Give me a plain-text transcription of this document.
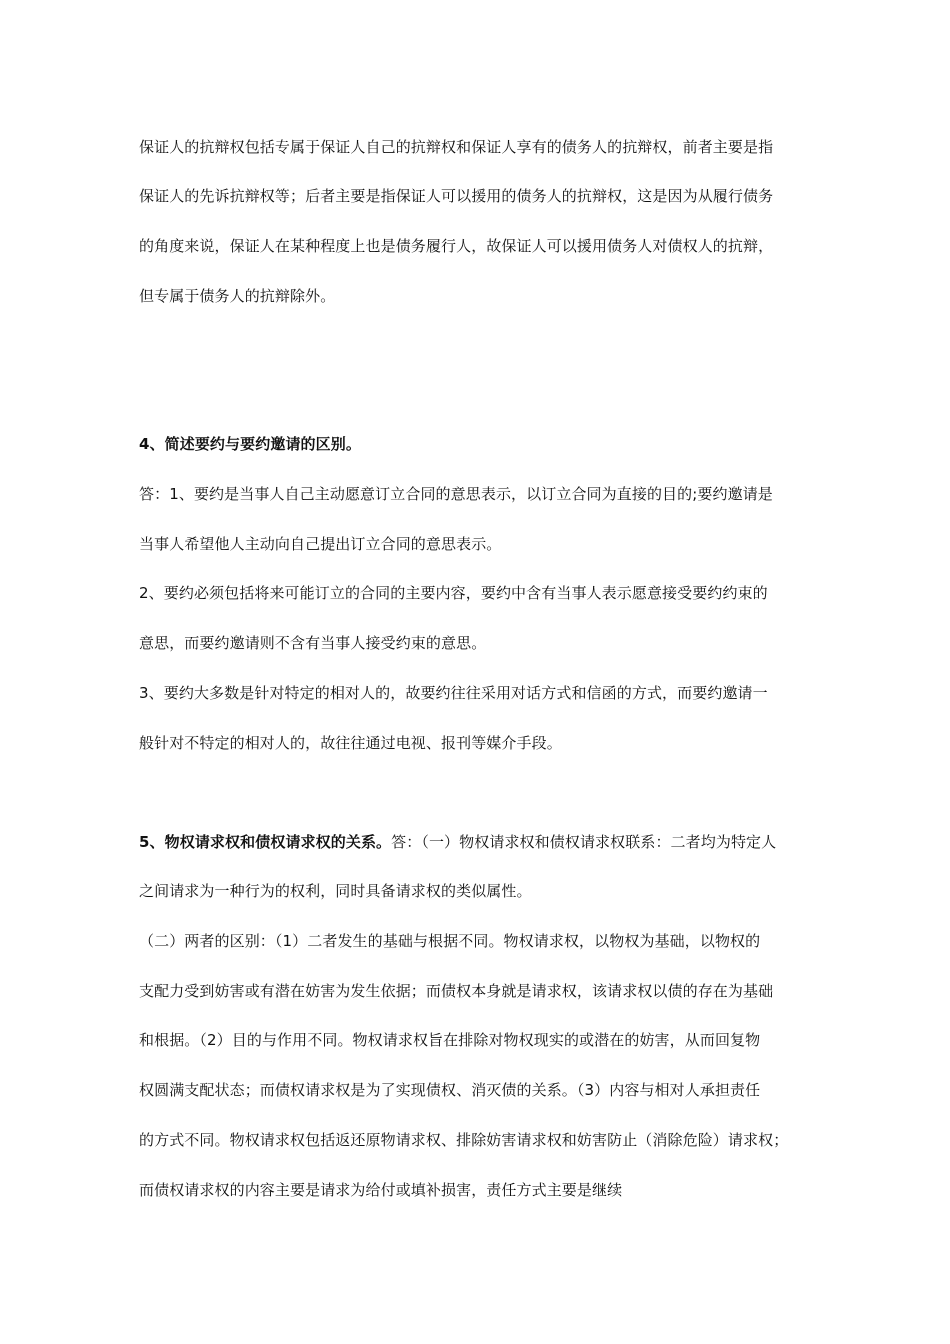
保证人的抗辩权包括专属于保证人自己的抗辩权和保证人享有的债务人的抗辩权，前者主要是指
保证人的先诉抗辩权等；后者主要是指保证人可以援用的债务人的抗辩权，这是因为从履行债务
的角度来说，保证人在某种程度上也是债务履行人，故保证人可以援用债务人对债权人的抗辩，
但专属于债务人的抗辩除外。
4、简述要约与要约邀请的区别。
答：1、要约是当事人自己主动愿意订立合同的意思表示，以订立合同为直接的目的;要约邀请是
当事人希望他人主动向自己提出订立合同的意思表示。
2、要约必须包括将来可能订立的合同的主要内容，要约中含有当事人表示愿意接受要约约束的
意思，而要约邀请则不含有当事人接受约束的意思。
3、要约大多数是针对特定的相对人的，故要约往往采用对话方式和信函的方式，而要约邀请一
般针对不特定的相对人的，故往往通过电视、报刊等媒介手段。
5、物权请求权和债权请求权的关系。答：（一）物权请求权和债权请求权联系：二者均为特定人
之间请求为一种行为的权利，同时具备请求权的类似属性。
（二）两者的区别：（1）二者发生的基础与根据不同。物权请求权，以物权为基础，以物权的
支配力受到妨害或有潜在妨害为发生依据；而债权本身就是请求权，该请求权以债的存在为基础
和根据。（2）目的与作用不同。物权请求权旨在排除对物权现实的或潜在的妨害，从而回复物
权圆满支配状态；而债权请求权是为了实现债权、消灭债的关系。（3）内容与相对人承担责任
的方式不同。物权请求权包括返还原物请求权、排除妨害请求权和妨害防止（消除危险）请求权；
而债权请求权的内容主要是请求为给付或填补损害，责任方式主要是继续
